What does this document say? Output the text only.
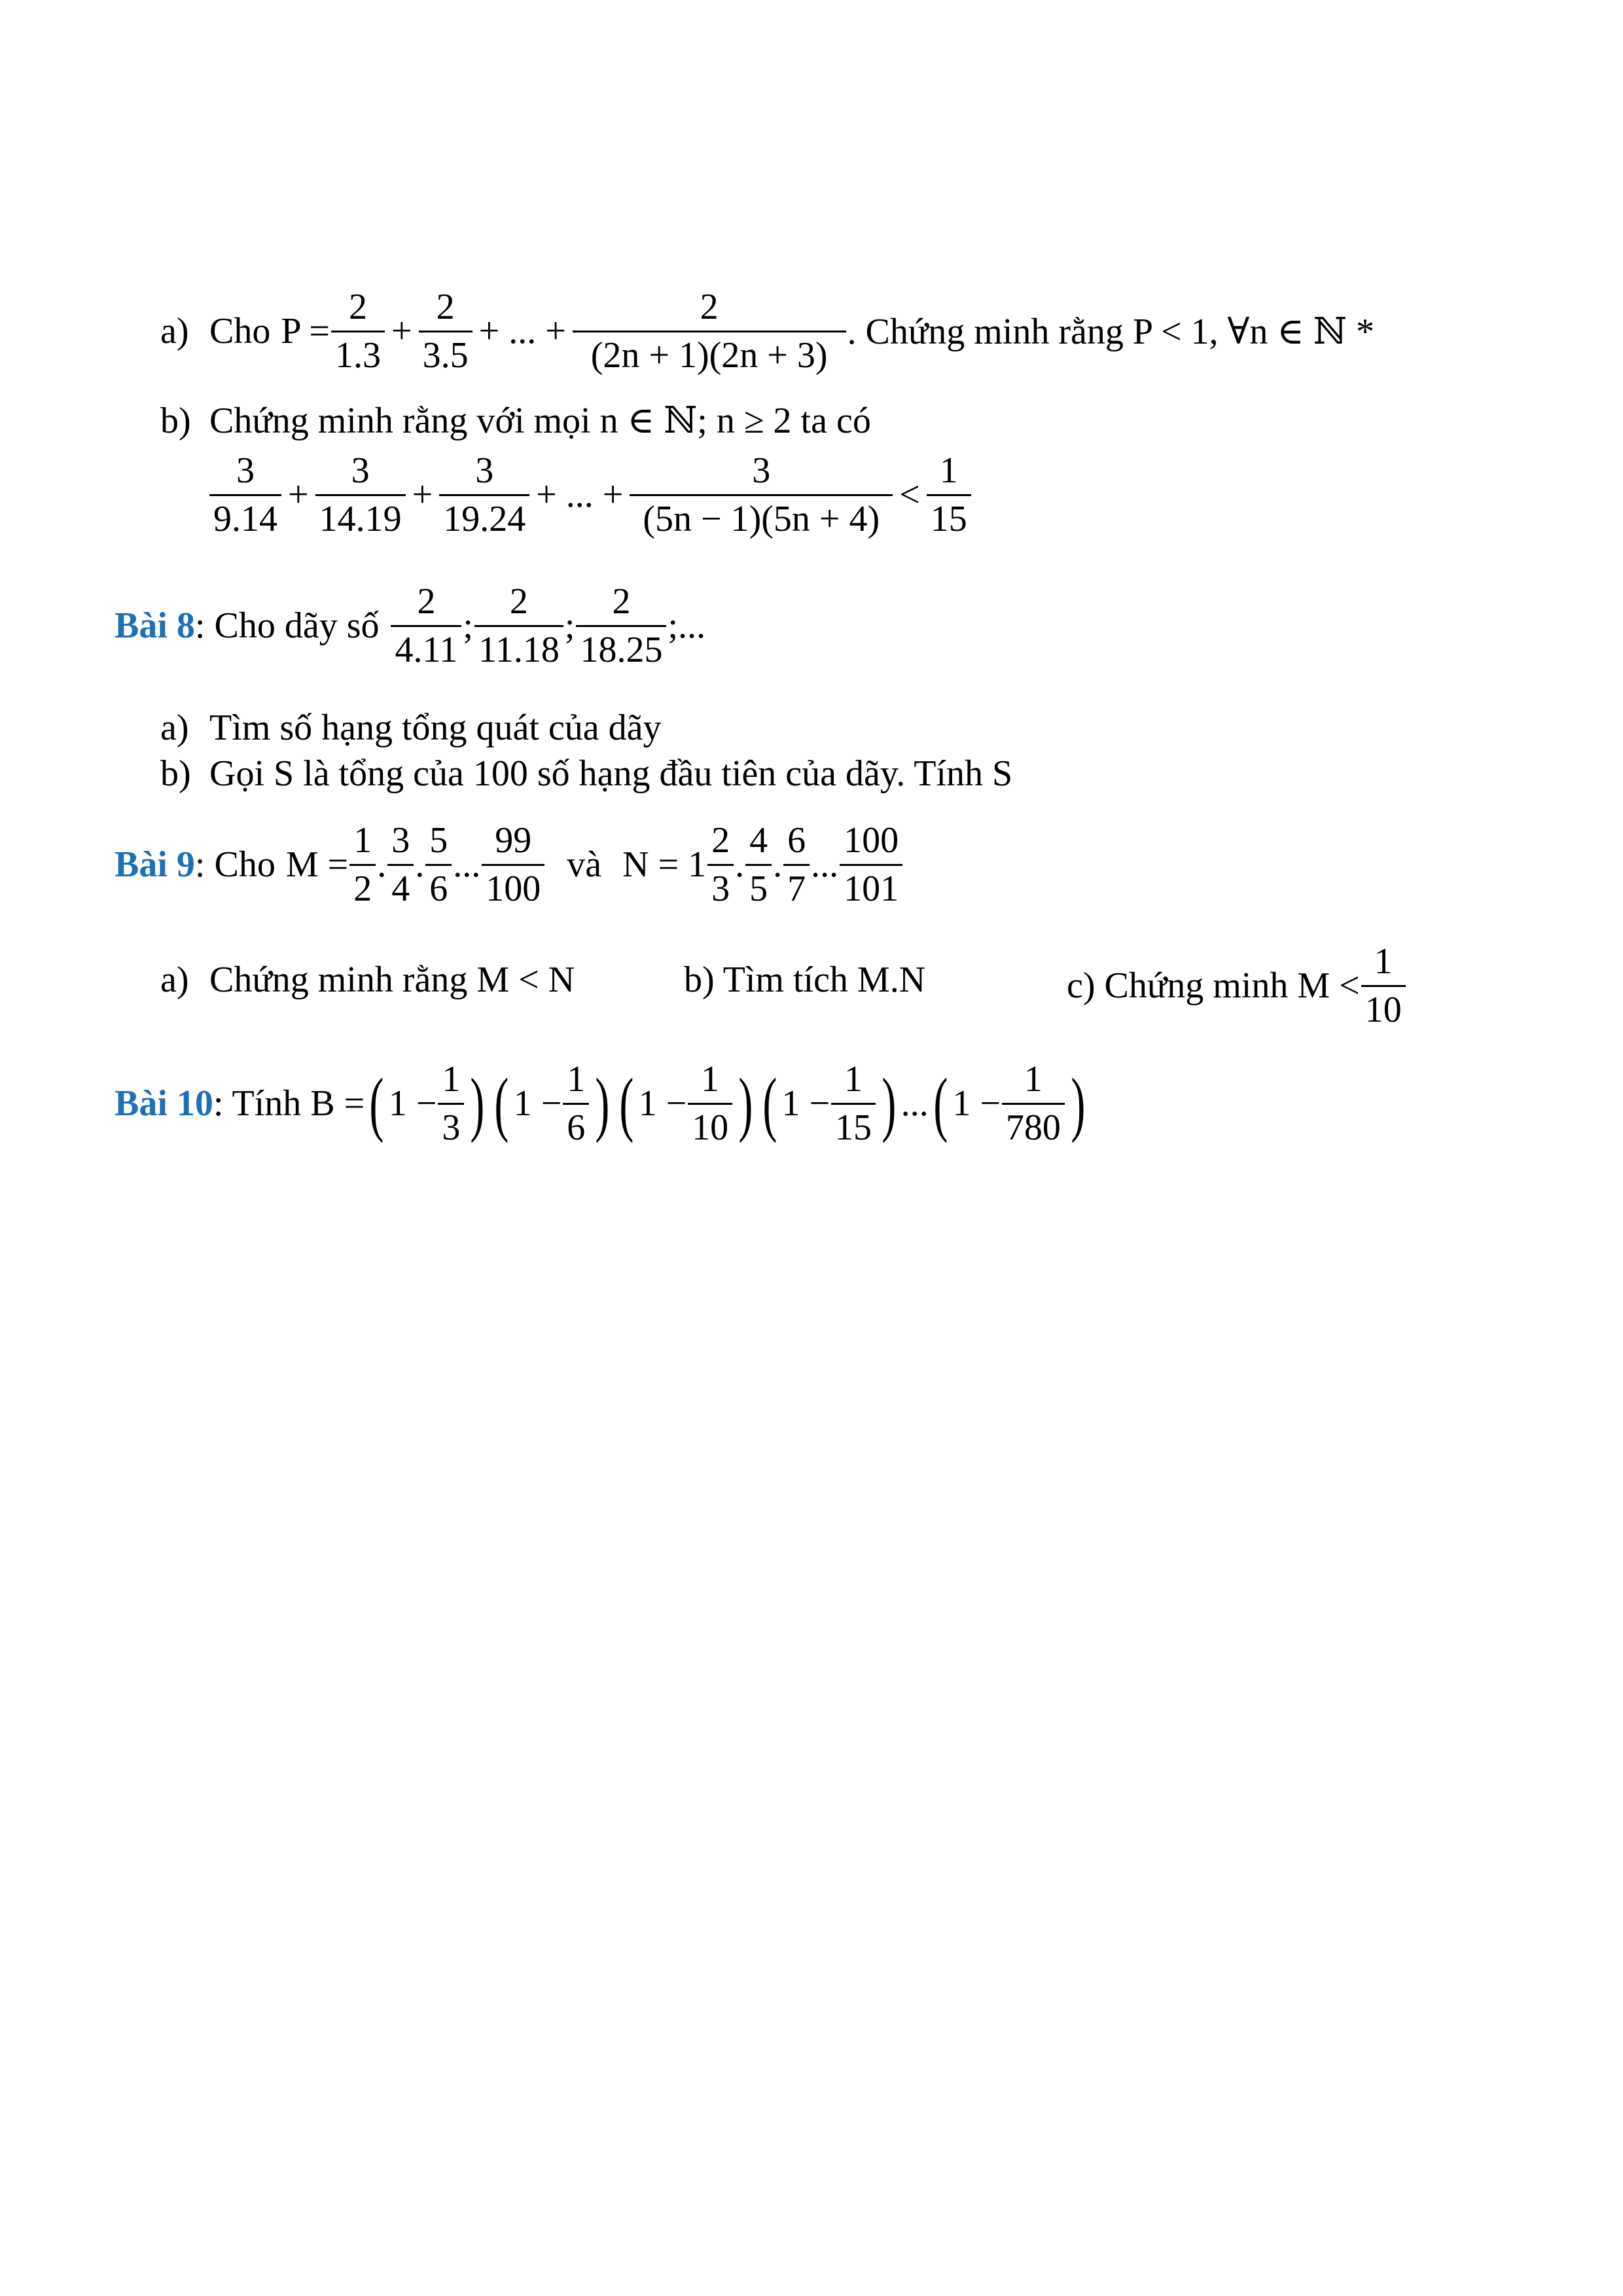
a) Cho $P = \frac{2}{1.3} + \frac{2}{3.5}$ + ... + $\frac{2}{(2n + 1)(2n + 3)}$ . Chứng minh rằng P < 1, ∀n ∈ ℕ *
b) Chứng minh rằng với mọi n ∈ ℕ; n ≥ 2 ta có
$\frac{3}{9.14} + \frac{3}{14.19} + \frac{3}{19.24}$ + ... + $\frac{3}{(5n - 1)(5n + 4)} < \frac{1}{15}$
Bài 8 : Cho dãy số $\frac{2}{4.11}$ ; $\frac{2}{11.18}$ ; $\frac{2}{18.25}$ ;...
a) Tìm số hạng tổng quát của dãy
b) Gọi S là tổng của 100 số hạng đầu tiên của dãy. Tính S
Bài 9 : Cho $M = \frac{1}{2}$ . $\frac{3}{4}$ . $\frac{5}{6}$ ... $\frac{99}{100}$ và $N = 1 \frac{2}{3}$ . $\frac{4}{5}$ . $\frac{6}{7}$ ... $\frac{100}{101}$
a) Chứng minh rằng M < N	b) Tìm tích M.N	c) Chứng minh $M < \frac{1}{10}$
Bài 10 : Tính B = ( $1 - \frac{1}{3}$ ) ( $1 - \frac{1}{6}$ ) ( $1 - \frac{1}{10}$ ) ( $1 - \frac{1}{15}$ ) ... ( $1 - \frac{1}{780}$ )
